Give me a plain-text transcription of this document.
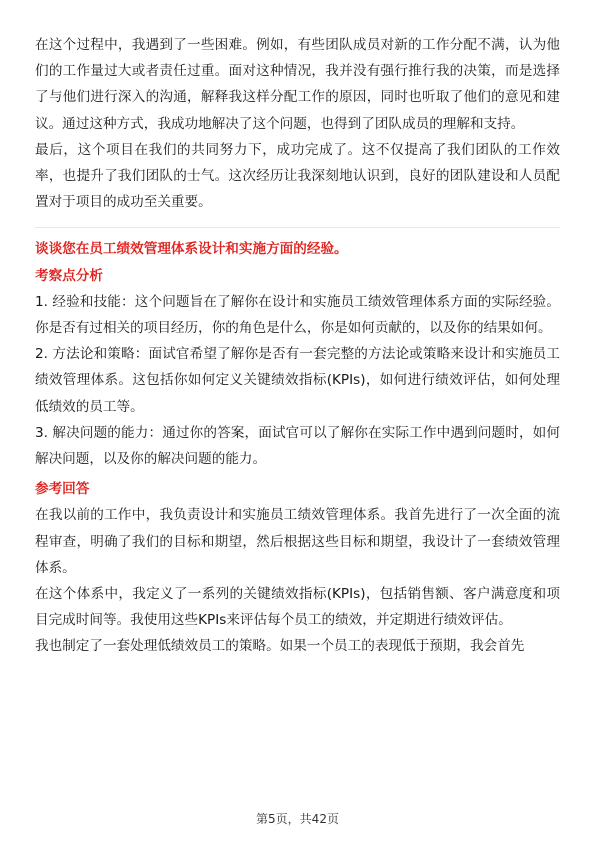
在这个过程中，我遇到了一些困难。例如，有些团队成员对新的工作分配不满，认为他们的工作量过大或者责任过重。面对这种情况，我并没有强行推行我的决策，而是选择了与他们进行深入的沟通，解释我这样分配工作的原因，同时也听取了他们的意见和建议。通过这种方式，我成功地解决了这个问题，也得到了团队成员的理解和支持。

最后，这个项目在我们的共同努力下，成功完成了。这不仅提高了我们团队的工作效率，也提升了我们团队的士气。这次经历让我深刻地认识到，良好的团队建设和人员配置对于项目的成功至关重要。

谈谈您在员工绩效管理体系设计和实施方面的经验。

考察点分析

1. 经验和技能：这个问题旨在了解你在设计和实施员工绩效管理体系方面的实际经验。你是否有过相关的项目经历，你的角色是什么，你是如何贡献的，以及你的结果如何。

2. 方法论和策略：面试官希望了解你是否有一套完整的方法论或策略来设计和实施员工绩效管理体系。这包括你如何定义关键绩效指标(KPIs)，如何进行绩效评估，如何处理低绩效的员工等。

3. 解决问题的能力：通过你的答案，面试官可以了解你在实际工作中遇到问题时，如何解决问题，以及你的解决问题的能力。

参考回答

在我以前的工作中，我负责设计和实施员工绩效管理体系。我首先进行了一次全面的流程审查，明确了我们的目标和期望，然后根据这些目标和期望，我设计了一套绩效管理体系。

在这个体系中，我定义了一系列的关键绩效指标(KPIs)，包括销售额、客户满意度和项目完成时间等。我使用这些KPIs来评估每个员工的绩效，并定期进行绩效评估。

我也制定了一套处理低绩效员工的策略。如果一个员工的表现低于预期，我会首先

第5页，共42页
